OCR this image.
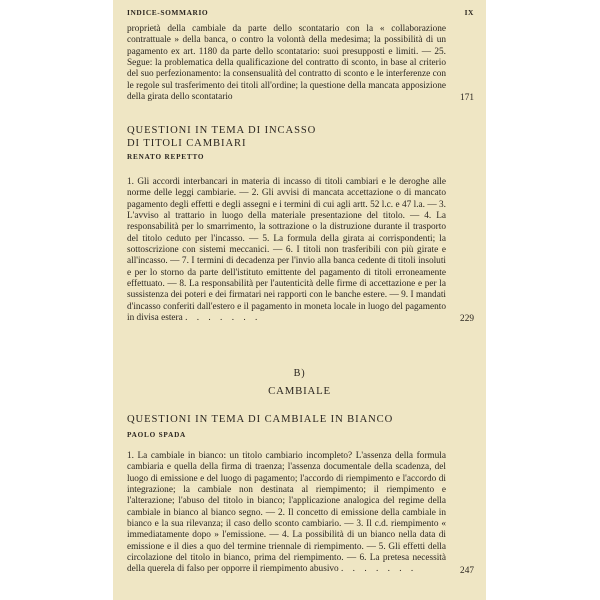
INDICE-SOMMARIO	IX

proprietà della cambiale da parte dello scontatario con la « collaborazione contrattuale » della banca, o contro la volontà della medesima; la possibilità di un pagamento ex art. 1180 da parte dello scontatario: suoi presupposti e limiti. — 25. Segue: la problematica della qualificazione del contratto di sconto, in base al criterio del suo perfezionamento: la consensualità del contratto di sconto e le interferenze con le regole sul trasferimento dei titoli all'ordine; la questione della mancata apposizione della girata dello scontatario	171

QUESTIONI IN TEMA DI INCASSO

DI TITOLI CAMBIARI

RENATO REPETTO

1. Gli accordi interbancari in materia di incasso di titoli cambiari e le deroghe alle norme delle leggi cambiarie. — 2. Gli avvisi di mancata accettazione o di mancato pagamento degli effetti e degli assegni e i termini di cui agli artt. 52 l.c. e 47 l.a. — 3. L'avviso al trattario in luogo della materiale presentazione del titolo. — 4. La responsabilità per lo smarrimento, la sottrazione o la distruzione durante il trasporto del titolo ceduto per l'incasso. — 5. La formula della girata ai corrispondenti; la sottoscrizione con sistemi meccanici. — 6. I titoli non trasferibili con più girate e all'incasso. — 7. I termini di decadenza per l'invio alla banca cedente di titoli insoluti e per lo storno da parte dell'istituto emittente del pagamento di titoli erroneamente effettuato. — 8. La responsabilità per l'autenticità delle firme di accettazione e per la sussistenza dei poteri e dei firmatari nei rapporti con le banche estere. — 9. I mandati d'incasso conferiti dall'estero e il pagamento in moneta locale in luogo del pagamento in divisa estera . . . . . . .	229
B)
CAMBIALE

QUESTIONI IN TEMA DI CAMBIALE IN BIANCO

PAOLO SPADA

1. La cambiale in bianco: un titolo cambiario incompleto? L'assenza della formula cambiaria e quella della firma di traenza; l'assenza documentale della scadenza, del luogo di emissione e del luogo di pagamento; l'accordo di riempimento e l'accordo di integrazione; la cambiale non destinata al riempimento; il riempimento e l'alterazione; l'abuso del titolo in bianco; l'applicazione analogica del regime della cambiale in bianco al bianco segno. — 2. Il concetto di emissione della cambiale in bianco e la sua rilevanza; il caso dello sconto cambiario. — 3. Il c.d. riempimento « immediatamente dopo » l'emissione. — 4. La possibilità di un bianco nella data di emissione e il dies a quo del termine triennale di riempimento. — 5. Gli effetti della circolazione del titolo in bianco, prima del riempimento. — 6. La pretesa necessità della querela di falso per opporre il riempimento abusivo . . . . . . .	247
